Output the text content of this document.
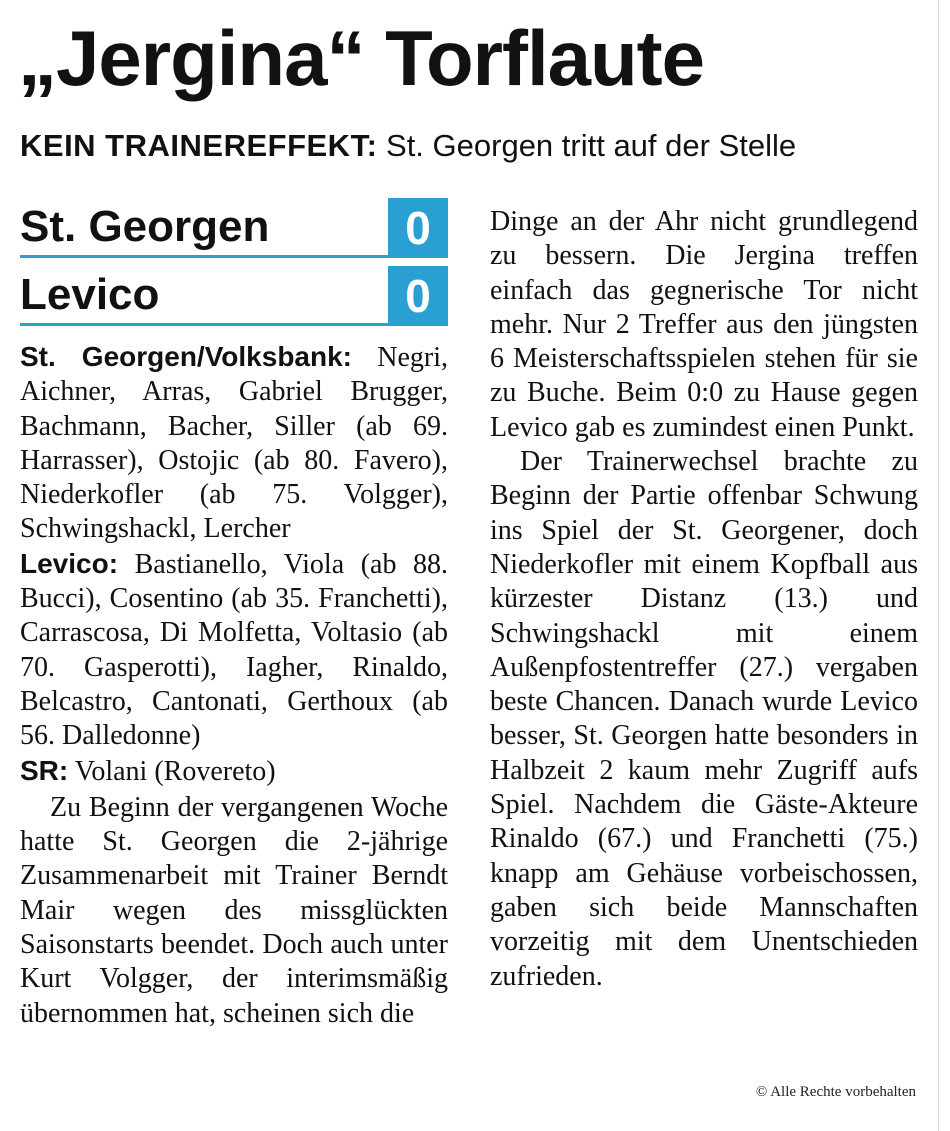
„Jergina“ Torflaute
KEIN TRAINEREFFEKT: St. Georgen tritt auf der Stelle
St. Georgen	0
Levico	0

St. Georgen/Volksbank: Negri, Aichner, Arras, Gabriel Brugger, Bachmann, Bacher, Siller (ab 69. Harrasser), Ostojic (ab 80. Favero), Niederkofler (ab 75. Volgger), Schwingshackl, Lercher

Levico: Bastianello, Viola (ab 88. Bucci), Cosentino (ab 35. Franchetti), Carrascosa, Di Molfetta, Voltasio (ab 70. Gasperotti), Iagher, Rinaldo, Belcastro, Cantonati, Gerthoux (ab 56. Dalledonne)

SR: Volani (Rovereto)

Zu Beginn der vergangenen Woche hatte St. Georgen die 2-jährige Zusammenarbeit mit Trainer Berndt Mair wegen des missglückten Saisonstarts beendet. Doch auch unter Kurt Volgger, der interimsmäßig übernommen hat, scheinen sich die

Dinge an der Ahr nicht grundlegend zu bessern. Die Jergina treffen einfach das gegnerische Tor nicht mehr. Nur 2 Treffer aus den jüngsten 6 Meisterschaftsspielen stehen für sie zu Buche. Beim 0:0 zu Hause gegen Levico gab es zumindest einen Punkt.

Der Trainerwechsel brachte zu Beginn der Partie offenbar Schwung ins Spiel der St. Georgener, doch Niederkofler mit einem Kopfball aus kürzester Distanz (13.) und Schwingshackl mit einem Außenpfostentreffer (27.) vergaben beste Chancen. Danach wurde Levico besser, St. Georgen hatte besonders in Halbzeit 2 kaum mehr Zugriff aufs Spiel. Nachdem die Gäste-Akteure Rinaldo (67.) und Franchetti (75.) knapp am Gehäuse vorbeischossen, gaben sich beide Mannschaften vorzeitig mit dem Unentschieden zufrieden.

© Alle Rechte vorbehalten
